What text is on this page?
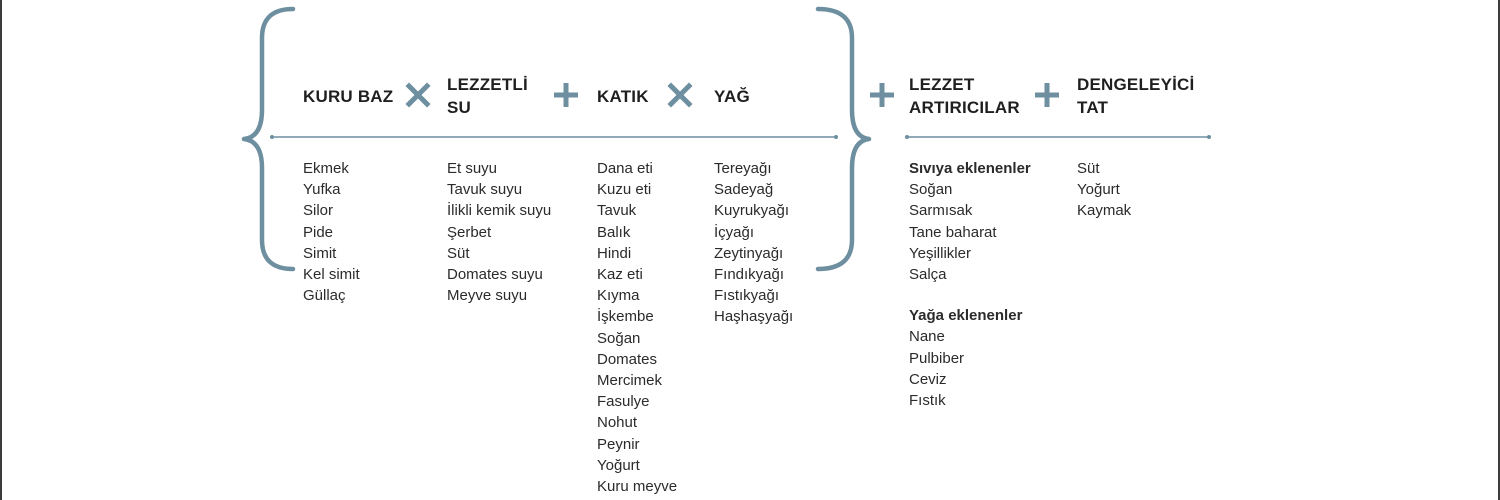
KURU BAZ
LEZZETLİ
SU
KATIK	YAĞ
LEZZET
ARTIRICILAR
DENGELEYİCİ
TAT
Ekmek
Yufka
Silor
Pide
Simit
Kel simit
Güllaç
Et suyu
Tavuk suyu
İlikli kemik suyu
Şerbet
Süt
Domates suyu
Meyve suyu
Dana eti
Kuzu eti
Tavuk
Balık
Hindi
Kaz eti
Kıyma
İşkembe
Soğan
Domates
Mercimek
Fasulye
Nohut
Peynir
Yoğurt
Kuru meyve
Tereyağı
Sadeyağ
Kuyrukyağı
İçyağı
Zeytinyağı
Fındıkyağı
Fıstıkyağı
Haşhaşyağı
Sıvıya eklenenler
Soğan
Sarmısak
Tane baharat
Yeşillikler
Salça
Yağa eklenenler
Nane
Pulbiber
Ceviz
Fıstık
Süt
Yoğurt
Kaymak
